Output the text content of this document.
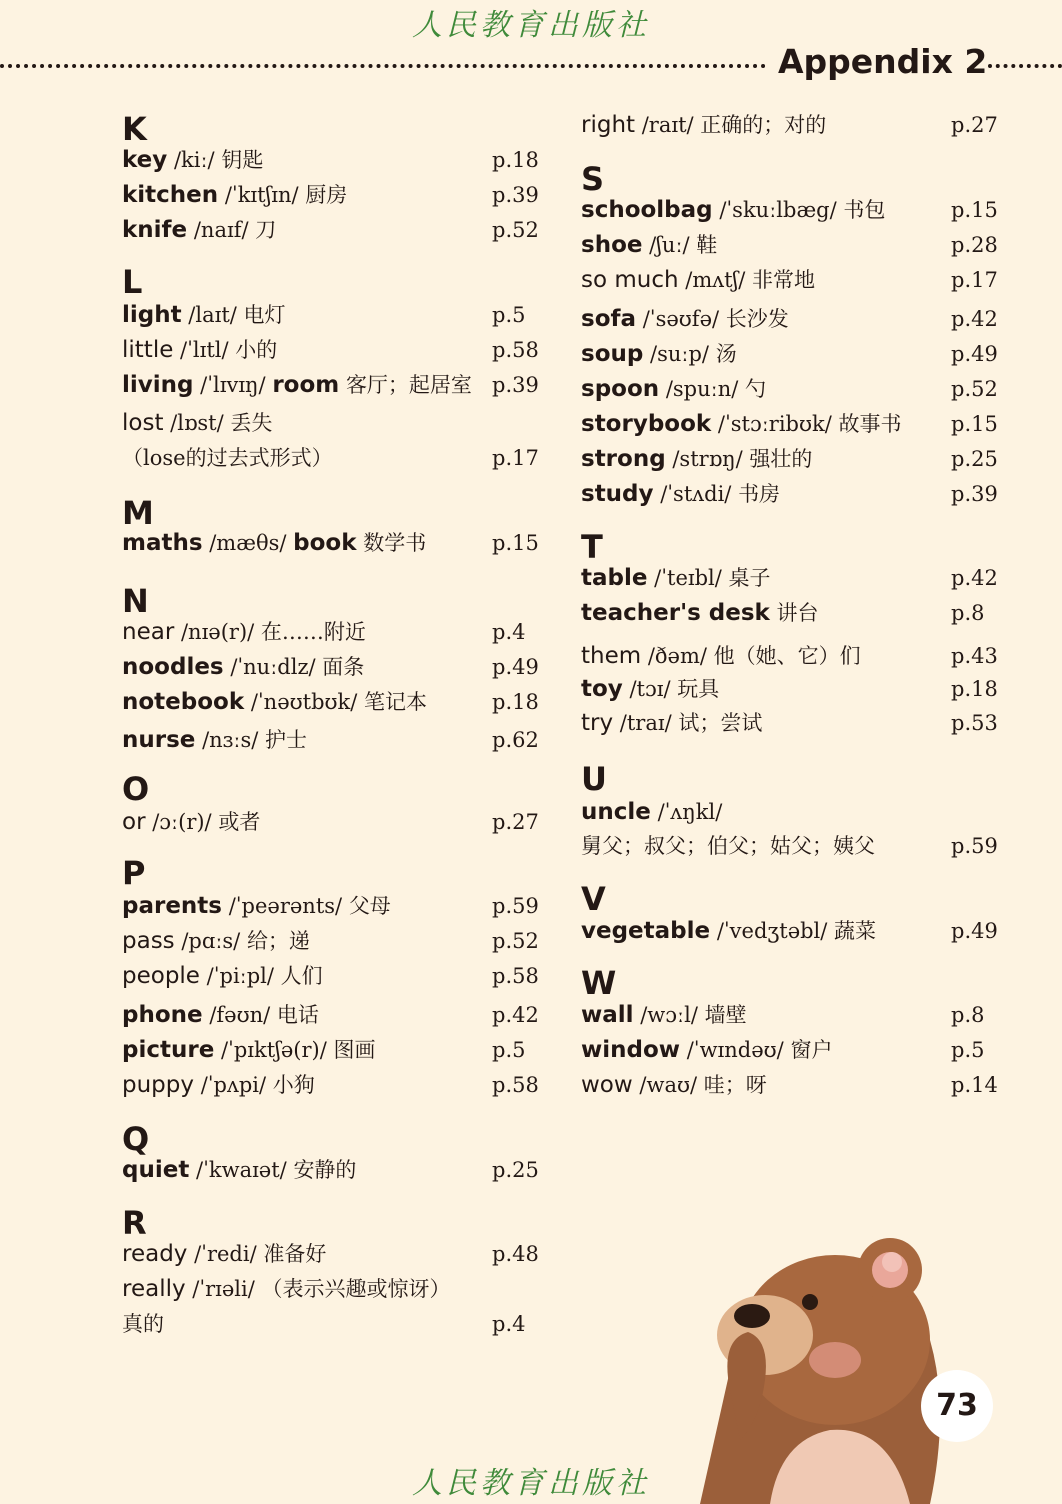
人民教育出版社
Appendix 2
K
key /kiː/ 钥匙	p.18
kitchen /ˈkɪtʃɪn/ 厨房	p.39
knife /naɪf/ 刀	p.52
L
light /laɪt/ 电灯	p.5
little /ˈlɪtl/ 小的	p.58
living /ˈlɪvɪŋ/ room 客厅；起居室 p.39
lost /lɒst/ 丢失
（lose的过去式形式）	p.17
M
maths /mæθs/ book 数学书	p.15
N
near /nɪə(r)/ 在……附近	p.4
noodles /ˈnuːdlz/ 面条	p.49
notebook /ˈnəʊtbʊk/ 笔记本	p.18
nurse /nɜːs/ 护士	p.62
O
or /ɔː(r)/ 或者	p.27
P
parents /ˈpeərənts/ 父母	p.59
pass /pɑːs/ 给；递	p.52
people /ˈpiːpl/ 人们	p.58
phone /fəʊn/ 电话	p.42
picture /ˈpɪktʃə(r)/ 图画	p.5
puppy /ˈpʌpi/ 小狗	p.58
Q
quiet /ˈkwaɪət/ 安静的	p.25
R
ready /ˈredi/ 准备好	p.48
really /ˈrɪəli/ （表示兴趣或惊讶）
真的	p.4
right /raɪt/ 正确的；对的	p.27
S
schoolbag /ˈskuːlbæg/ 书包	p.15
shoe /ʃuː/ 鞋	p.28
so much /mʌtʃ/ 非常地	p.17
sofa /ˈsəʊfə/ 长沙发	p.42
soup /suːp/ 汤	p.49
spoon /spuːn/ 勺	p.52
storybook /ˈstɔːribʊk/ 故事书 p.15
strong /strɒŋ/ 强壮的	p.25
study /ˈstʌdi/ 书房	p.39
T
table /ˈteɪbl/ 桌子	p.42
teacher's desk 讲台	p.8
them /ðəm/ 他（她、它）们	p.43
toy /tɔɪ/ 玩具	p.18
try /traɪ/ 试；尝试	p.53
U
uncle /ˈʌŋkl/
舅父；叔父；伯父；姑父；姨父	p.59
V
vegetable /ˈvedʒtəbl/ 蔬菜	p.49
W
wall /wɔːl/ 墙壁	p.8
window /ˈwɪndəʊ/ 窗户	p.5
wow /waʊ/ 哇；呀	p.14
73
人民教育出版社
